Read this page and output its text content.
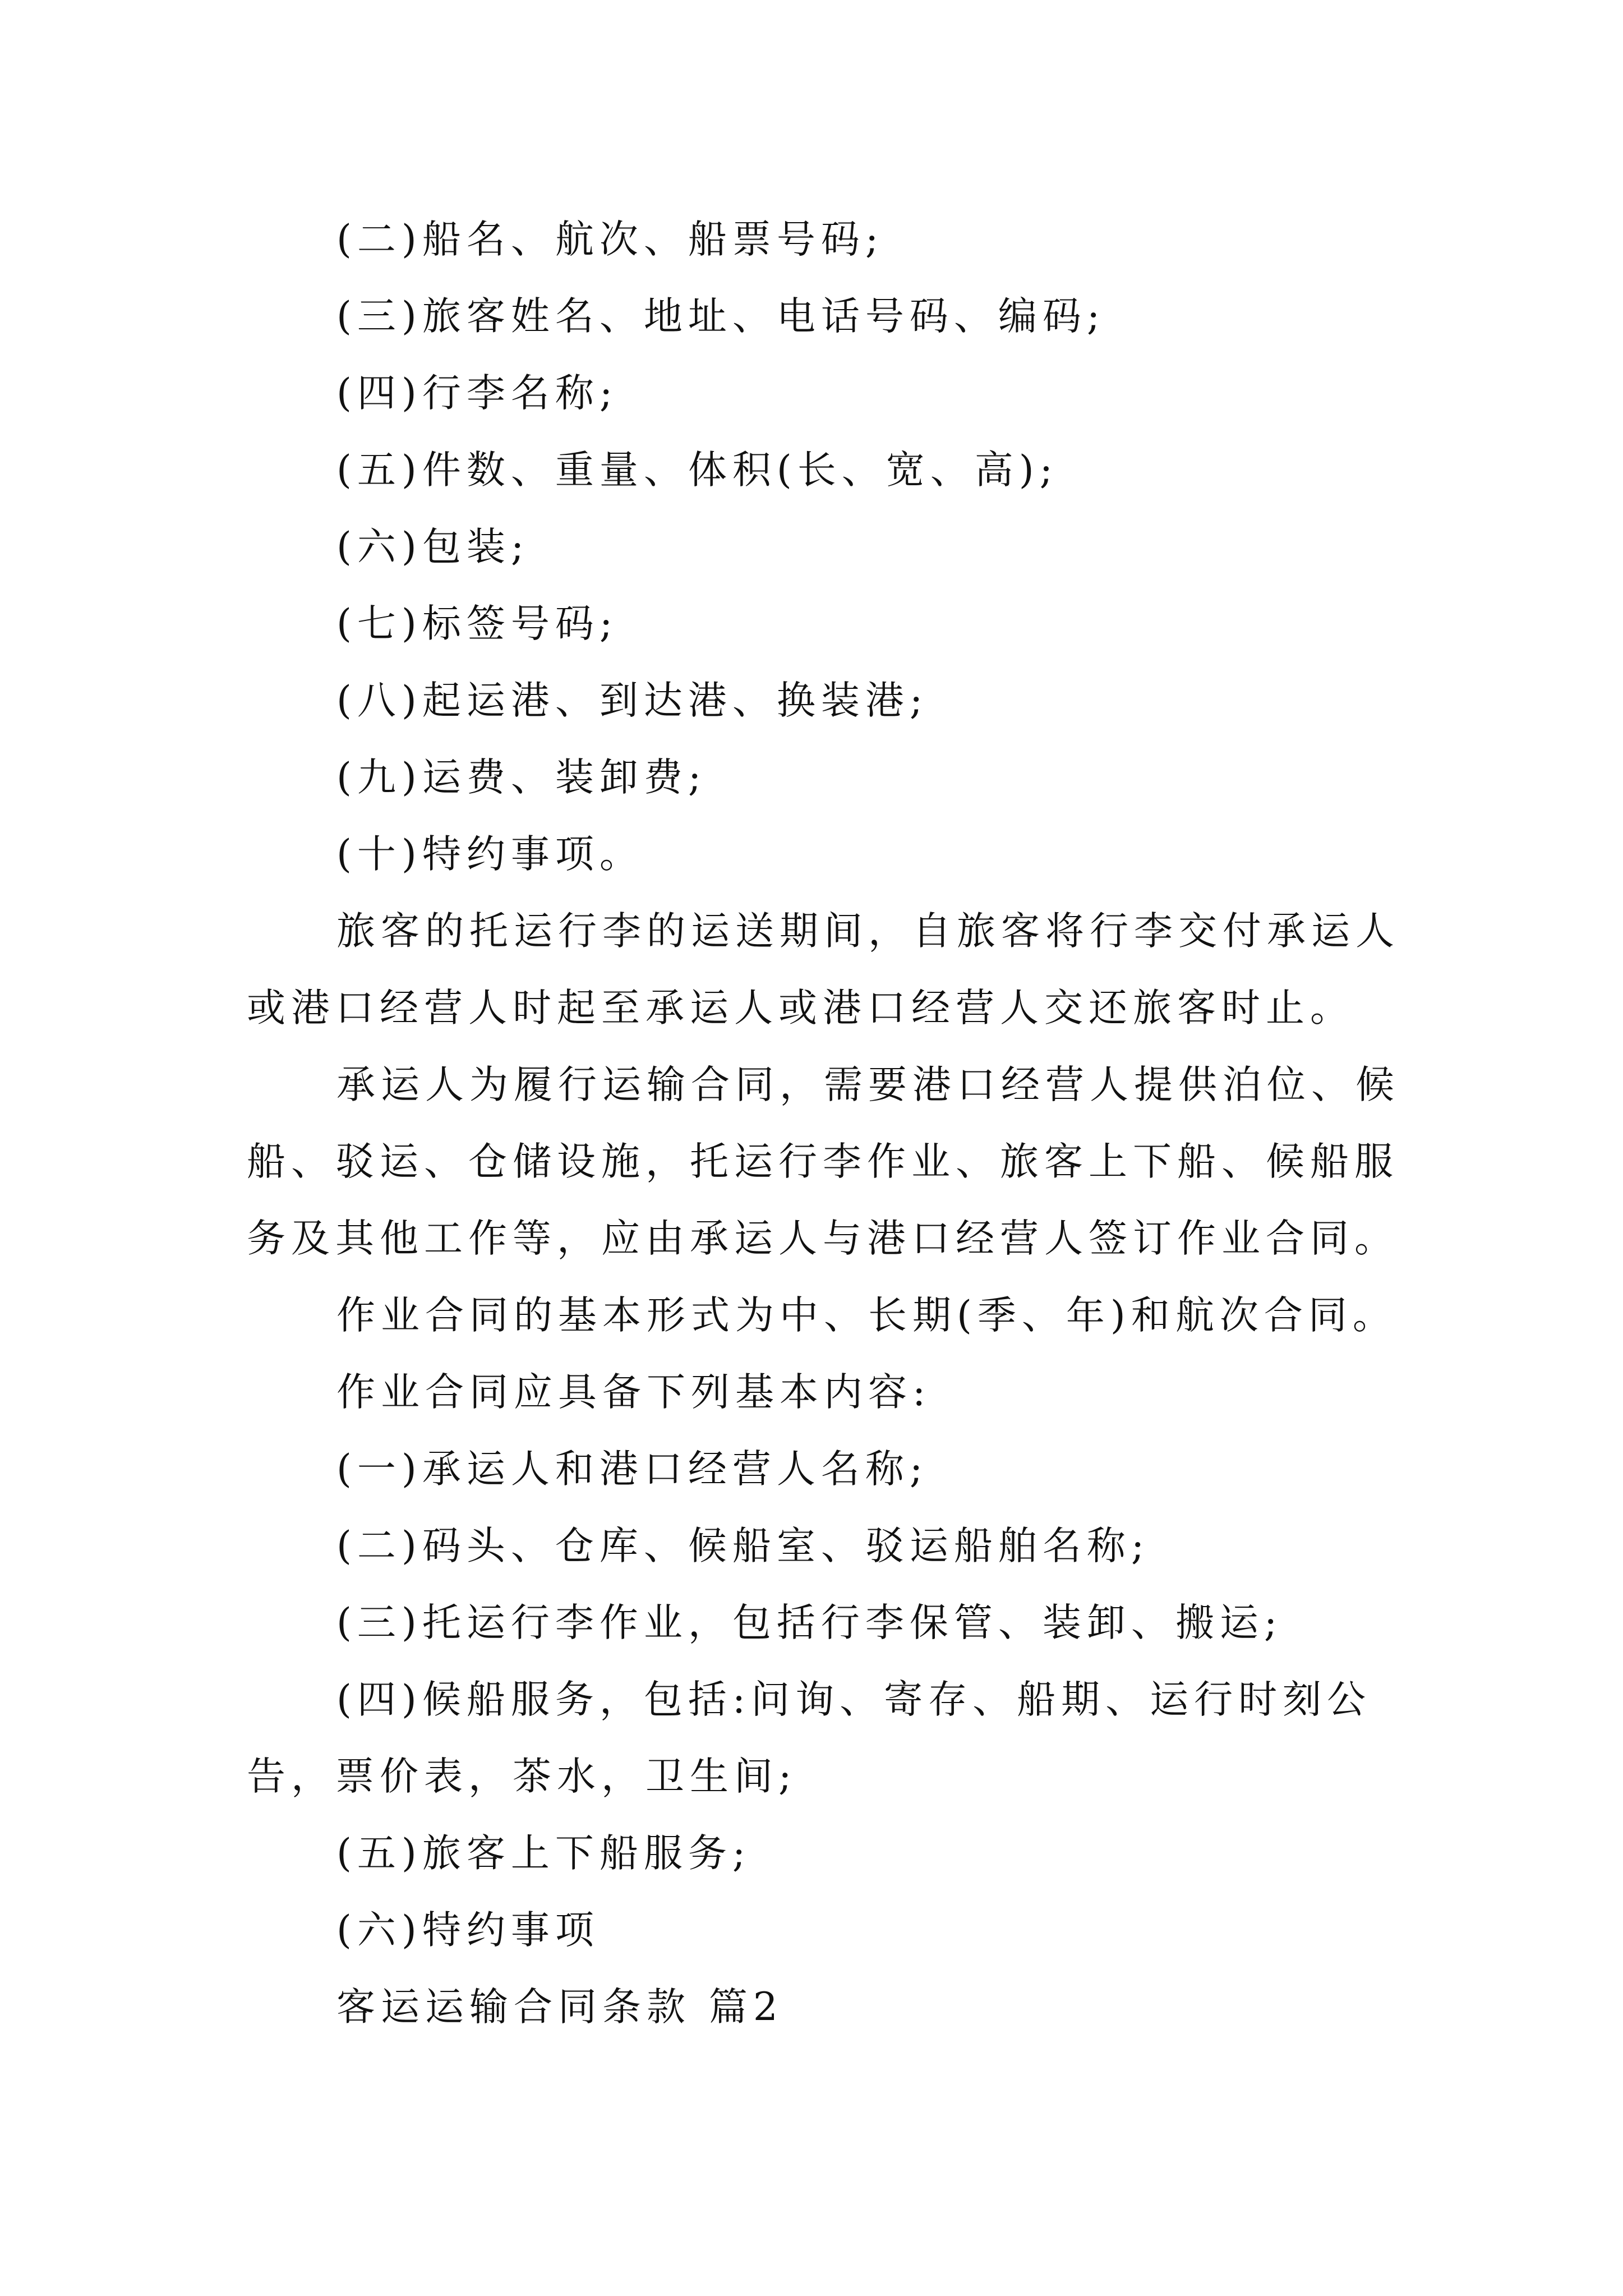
(二)船名、航次、船票号码;
(三)旅客姓名、地址、电话号码、编码;
(四)行李名称;
(五)件数、重量、体积(长、宽、高);
(六)包装;
(七)标签号码;
(八)起运港、到达港、换装港;
(九)运费、装卸费;
(十)特约事项。
旅客的托运行李的运送期间，自旅客将行李交付承运人
或港口经营人时起至承运人或港口经营人交还旅客时止。
承运人为履行运输合同，需要港口经营人提供泊位、候
船、驳运、仓储设施，托运行李作业、旅客上下船、候船服
务及其他工作等，应由承运人与港口经营人签订作业合同。
作业合同的基本形式为中、长期(季、年)和航次合同。
作业合同应具备下列基本内容:
(一)承运人和港口经营人名称;
(二)码头、仓库、候船室、驳运船舶名称;
(三)托运行李作业，包括行李保管、装卸、搬运;
(四)候船服务，包括:问询、寄存、船期、运行时刻公
告，票价表，茶水，卫生间;
(五)旅客上下船服务;
(六)特约事项
客运运输合同条款 篇2
